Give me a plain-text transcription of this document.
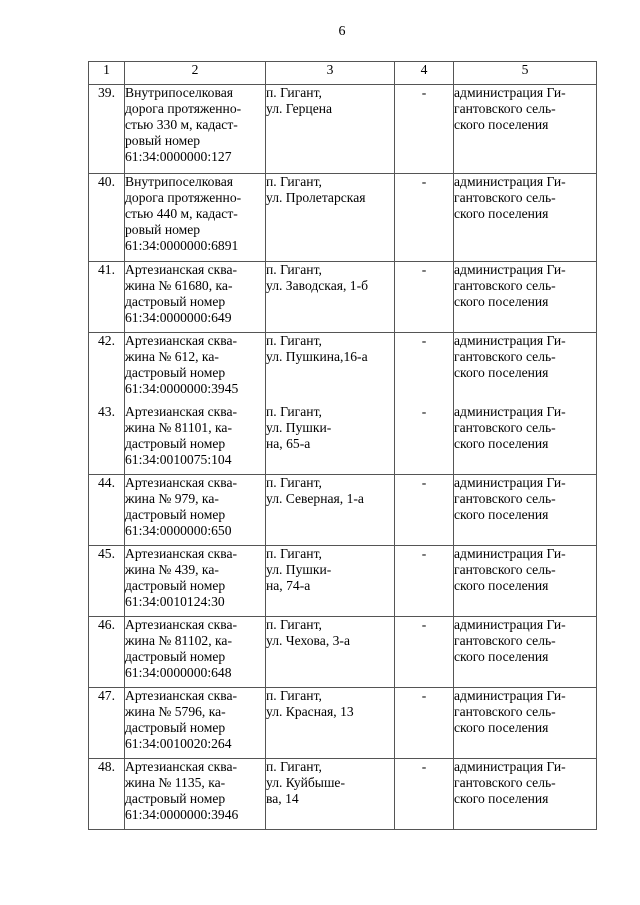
6
1	2	3	4	5
39.	Внутрипоселковая
дорога протяженно-
стью 330 м, кадаст-
ровый номер
61:34:0000000:127	п. Гигант,
ул. Герцена	-	администрация Ги-
гантовского сель-
ского поселения

40.	Внутрипоселковая
дорога протяженно-
стью 440 м, кадаст-
ровый номер
61:34:0000000:6891	п. Гигант,
ул. Пролетарская	-	администрация Ги-
гантовского сель-
ского поселения

41.	Артезианская сква-
жина № 61680, ка-
дастровый номер
61:34:0000000:649	п. Гигант,
ул. Заводская, 1-б	-	администрация Ги-
гантовского сель-
ского поселения

42.	Артезианская сква-
жина № 612, ка-
дастровый номер
61:34:0000000:3945	п. Гигант,
ул. Пушкина,16-а	-	администрация Ги-
гантовского сель-
ского поселения

43.	Артезианская сква-
жина № 81101, ка-
дастровый номер
61:34:0010075:104	п. Гигант,
ул. Пушки-
на, 65-а	-	администрация Ги-
гантовского сель-
ского поселения

44.	Артезианская сква-
жина № 979, ка-
дастровый номер
61:34:0000000:650	п. Гигант,
ул. Северная, 1-а	-	администрация Ги-
гантовского сель-
ского поселения

45.	Артезианская сква-
жина № 439, ка-
дастровый номер
61:34:0010124:30	п. Гигант,
ул. Пушки-
на, 74-а	-	администрация Ги-
гантовского сель-
ского поселения

46.	Артезианская сква-
жина № 81102, ка-
дастровый номер
61:34:0000000:648	п. Гигант,
ул. Чехова, 3-а	-	администрация Ги-
гантовского сель-
ского поселения

47.	Артезианская сква-
жина № 5796, ка-
дастровый номер
61:34:0010020:264	п. Гигант,
ул. Красная, 13	-	администрация Ги-
гантовского сель-
ского поселения

48.	Артезианская сква-
жина № 1135, ка-
дастровый номер
61:34:0000000:3946	п. Гигант,
ул. Куйбыше-
ва, 14	-	администрация Ги-
гантовского сель-
ского поселения
